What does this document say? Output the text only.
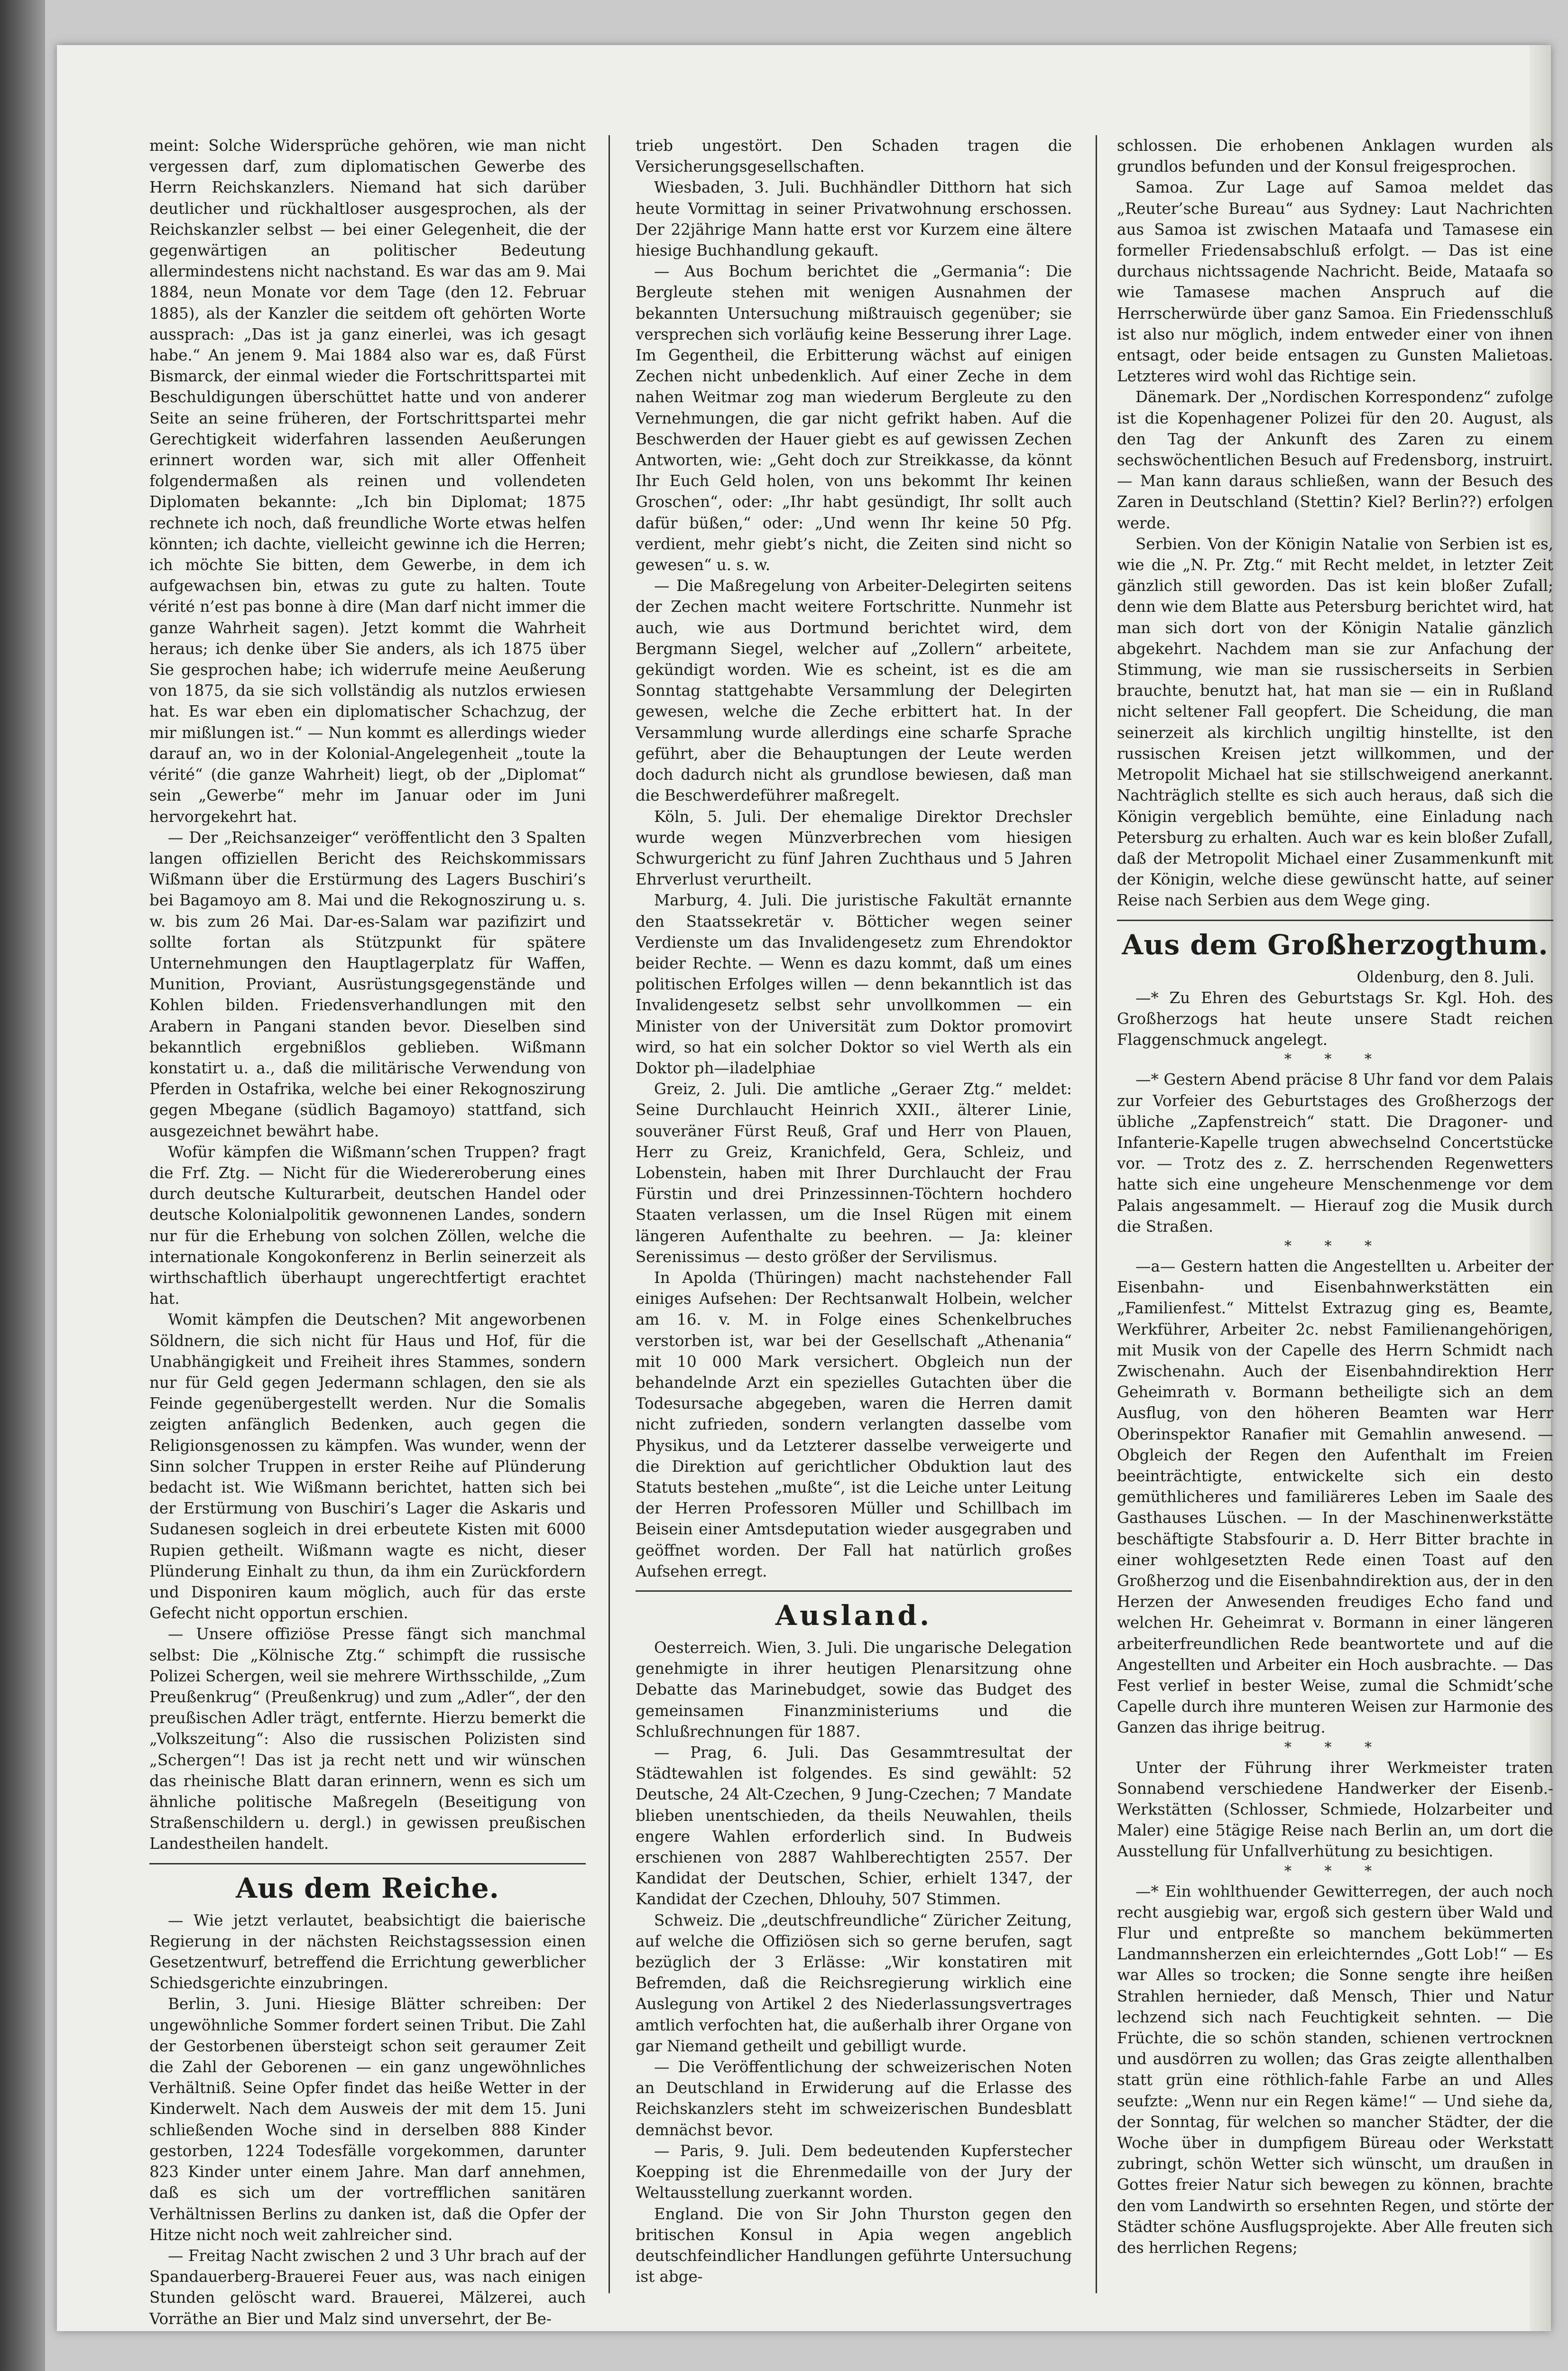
meint: Solche Widersprüche gehören, wie man nicht vergessen darf, zum diplomatischen Gewerbe des Herrn Reichskanzlers. Niemand hat sich darüber deutlicher und rückhaltloser ausgesprochen, als der Reichskanzler selbst — bei einer Gelegenheit, die der gegenwärtigen an politischer Bedeutung allermindestens nicht nachstand. Es war das am 9. Mai 1884, neun Monate vor dem Tage (den 12. Februar 1885), als der Kanzler die seitdem oft gehörten Worte aussprach: „Das ist ja ganz einerlei, was ich gesagt habe.“ An jenem 9. Mai 1884 also war es, daß Fürst Bismarck, der einmal wieder die Fortschrittspartei mit Beschuldigungen überschüttet hatte und von anderer Seite an seine früheren, der Fortschrittspartei mehr Gerechtigkeit widerfahren lassenden Aeußerungen erinnert worden war, sich mit aller Offenheit folgendermaßen als reinen und vollendeten Diplomaten bekannte: „Ich bin Diplomat; 1875 rechnete ich noch, daß freundliche Worte etwas helfen könnten; ich dachte, vielleicht gewinne ich die Herren; ich möchte Sie bitten, dem Gewerbe, in dem ich aufgewachsen bin, etwas zu gute zu halten. Toute vérité n’est pas bonne à dire (Man darf nicht immer die ganze Wahrheit sagen). Jetzt kommt die Wahrheit heraus; ich denke über Sie anders, als ich 1875 über Sie gesprochen habe; ich widerrufe meine Aeußerung von 1875, da sie sich vollständig als nutzlos erwiesen hat. Es war eben ein diplomatischer Schachzug, der mir mißlungen ist.“ — Nun kommt es allerdings wieder darauf an, wo in der Kolonial-Angelegenheit „toute la vérité“ (die ganze Wahrheit) liegt, ob der „Diplomat“ sein „Gewerbe“ mehr im Januar oder im Juni hervorgekehrt hat.

— Der „Reichsanzeiger“ veröffentlicht den 3 Spalten langen offiziellen Bericht des Reichskommissars Wißmann über die Erstürmung des Lagers Buschiri’s bei Bagamoyo am 8. Mai und die Rekognoszirung u. s. w. bis zum 26 Mai. Dar-es-Salam war pazifizirt und sollte fortan als Stützpunkt für spätere Unternehmungen den Hauptlagerplatz für Waffen, Munition, Proviant, Ausrüstungsgegenstände und Kohlen bilden. Friedensverhandlungen mit den Arabern in Pangani standen bevor. Dieselben sind bekanntlich ergebnißlos geblieben. Wißmann konstatirt u. a., daß die militärische Verwendung von Pferden in Ostafrika, welche bei einer Rekognoszirung gegen Mbegane (südlich Bagamoyo) stattfand, sich ausgezeichnet bewährt habe.

Wofür kämpfen die Wißmann’schen Truppen? fragt die Frf. Ztg. — Nicht für die Wiedereroberung eines durch deutsche Kulturarbeit, deutschen Handel oder deutsche Kolonialpolitik gewonnenen Landes, sondern nur für die Erhebung von solchen Zöllen, welche die internationale Kongokonferenz in Berlin seinerzeit als wirthschaftlich überhaupt ungerechtfertigt erachtet hat.

Womit kämpfen die Deutschen? Mit angeworbenen Söldnern, die sich nicht für Haus und Hof, für die Unabhängigkeit und Freiheit ihres Stammes, sondern nur für Geld gegen Jedermann schlagen, den sie als Feinde gegenübergestellt werden. Nur die Somalis zeigten anfänglich Bedenken, auch gegen die Religionsgenossen zu kämpfen. Was wunder, wenn der Sinn solcher Truppen in erster Reihe auf Plünderung bedacht ist. Wie Wißmann berichtet, hatten sich bei der Erstürmung von Buschiri’s Lager die Askaris und Sudanesen sogleich in drei erbeutete Kisten mit 6000 Rupien getheilt. Wißmann wagte es nicht, dieser Plünderung Einhalt zu thun, da ihm ein Zurückfordern und Disponiren kaum möglich, auch für das erste Gefecht nicht opportun erschien.

— Unsere offiziöse Presse fängt sich manchmal selbst: Die „Kölnische Ztg.“ schimpft die russische Polizei Schergen, weil sie mehrere Wirthsschilde, „Zum Preußenkrug“ (Preußenkrug) und zum „Adler“, der den preußischen Adler trägt, entfernte. Hierzu bemerkt die „Volkszeitung“: Also die russischen Polizisten sind „Schergen“! Das ist ja recht nett und wir wünschen das rheinische Blatt daran erinnern, wenn es sich um ähnliche politische Maßregeln (Beseitigung von Straßenschildern u. dergl.) in gewissen preußischen Landestheilen handelt.

Aus dem Reiche.

— Wie jetzt verlautet, beabsichtigt die baierische Regierung in der nächsten Reichstagssession einen Gesetzentwurf, betreffend die Errichtung gewerblicher Schiedsgerichte einzubringen.

Berlin, 3. Juni. Hiesige Blätter schreiben: Der ungewöhnliche Sommer fordert seinen Tribut. Die Zahl der Gestorbenen übersteigt schon seit geraumer Zeit die Zahl der Geborenen — ein ganz ungewöhnliches Verhältniß. Seine Opfer findet das heiße Wetter in der Kinderwelt. Nach dem Ausweis der mit dem 15. Juni schließenden Woche sind in derselben 888 Kinder gestorben, 1224 Todesfälle vorgekommen, darunter 823 Kinder unter einem Jahre. Man darf annehmen, daß es sich um der vortrefflichen sanitären Verhältnissen Berlins zu danken ist, daß die Opfer der Hitze nicht noch weit zahlreicher sind.

— Freitag Nacht zwischen 2 und 3 Uhr brach auf der Spandauerberg-Brauerei Feuer aus, was nach einigen Stunden gelöscht ward. Brauerei, Mälzerei, auch Vorräthe an Bier und Malz sind unversehrt, der Be-

trieb ungestört. Den Schaden tragen die Versicherungsgesellschaften.

Wiesbaden, 3. Juli. Buchhändler Ditthorn hat sich heute Vormittag in seiner Privatwohnung erschossen. Der 22jährige Mann hatte erst vor Kurzem eine ältere hiesige Buchhandlung gekauft.

— Aus Bochum berichtet die „Germania“: Die Bergleute stehen mit wenigen Ausnahmen der bekannten Untersuchung mißtrauisch gegenüber; sie versprechen sich vorläufig keine Besserung ihrer Lage. Im Gegentheil, die Erbitterung wächst auf einigen Zechen nicht unbedenklich. Auf einer Zeche in dem nahen Weitmar zog man wiederum Bergleute zu den Vernehmungen, die gar nicht gefrikt haben. Auf die Beschwerden der Hauer giebt es auf gewissen Zechen Antworten, wie: „Geht doch zur Streikkasse, da könnt Ihr Euch Geld holen, von uns bekommt Ihr keinen Groschen“, oder: „Ihr habt gesündigt, Ihr sollt auch dafür büßen,“ oder: „Und wenn Ihr keine 50 Pfg. verdient, mehr giebt’s nicht, die Zeiten sind nicht so gewesen“ u. s. w.

— Die Maßregelung von Arbeiter-Delegirten seitens der Zechen macht weitere Fortschritte. Nunmehr ist auch, wie aus Dortmund berichtet wird, dem Bergmann Siegel, welcher auf „Zollern“ arbeitete, gekündigt worden. Wie es scheint, ist es die am Sonntag stattgehabte Versammlung der Delegirten gewesen, welche die Zeche erbittert hat. In der Versammlung wurde allerdings eine scharfe Sprache geführt, aber die Behauptungen der Leute werden doch dadurch nicht als grundlose bewiesen, daß man die Beschwerdeführer maßregelt.

Köln, 5. Juli. Der ehemalige Direktor Drechsler wurde wegen Münzverbrechen vom hiesigen Schwurgericht zu fünf Jahren Zuchthaus und 5 Jahren Ehrverlust verurtheilt.

Marburg, 4. Juli. Die juristische Fakultät ernannte den Staatssekretär v. Bötticher wegen seiner Verdienste um das Invalidengesetz zum Ehrendoktor beider Rechte. — Wenn es dazu kommt, daß um eines politischen Erfolges willen — denn bekanntlich ist das Invalidengesetz selbst sehr unvollkommen — ein Minister von der Universität zum Doktor promovirt wird, so hat ein solcher Doktor so viel Werth als ein Doktor ph—iladelphiae

Greiz, 2. Juli. Die amtliche „Geraer Ztg.“ meldet: Seine Durchlaucht Heinrich XXII., älterer Linie, souveräner Fürst Reuß, Graf und Herr von Plauen, Herr zu Greiz, Kranichfeld, Gera, Schleiz, und Lobenstein, haben mit Ihrer Durchlaucht der Frau Fürstin und drei Prinzessinnen-Töchtern hochdero Staaten verlassen, um die Insel Rügen mit einem längeren Aufenthalte zu beehren. — Ja: kleiner Serenissimus — desto größer der Servilismus.

In Apolda (Thüringen) macht nachstehender Fall einiges Aufsehen: Der Rechtsanwalt Holbein, welcher am 16. v. M. in Folge eines Schenkelbruches verstorben ist, war bei der Gesellschaft „Athenania“ mit 10 000 Mark versichert. Obgleich nun der behandelnde Arzt ein spezielles Gutachten über die Todesursache abgegeben, waren die Herren damit nicht zufrieden, sondern verlangten dasselbe vom Physikus, und da Letzterer dasselbe verweigerte und die Direktion auf gerichtlicher Obduktion laut des Statuts bestehen „mußte“, ist die Leiche unter Leitung der Herren Professoren Müller und Schillbach im Beisein einer Amtsdeputation wieder ausgegraben und geöffnet worden. Der Fall hat natürlich großes Aufsehen erregt.

Ausland.

Oesterreich. Wien, 3. Juli. Die ungarische Delegation genehmigte in ihrer heutigen Plenarsitzung ohne Debatte das Marinebudget, sowie das Budget des gemeinsamen Finanzministeriums und die Schlußrechnungen für 1887.

— Prag, 6. Juli. Das Gesammtresultat der Städtewahlen ist folgendes. Es sind gewählt: 52 Deutsche, 24 Alt-Czechen, 9 Jung-Czechen; 7 Mandate blieben unentschieden, da theils Neuwahlen, theils engere Wahlen erforderlich sind. In Budweis erschienen von 2887 Wahlberechtigten 2557. Der Kandidat der Deutschen, Schier, erhielt 1347, der Kandidat der Czechen, Dhlouhy, 507 Stimmen.

Schweiz. Die „deutschfreundliche“ Züricher Zeitung, auf welche die Offiziösen sich so gerne berufen, sagt bezüglich der 3 Erlässe: „Wir konstatiren mit Befremden, daß die Reichsregierung wirklich eine Auslegung von Artikel 2 des Niederlassungsvertrages amtlich verfochten hat, die außerhalb ihrer Organe von gar Niemand getheilt und gebilligt wurde.

— Die Veröffentlichung der schweizerischen Noten an Deutschland in Erwiderung auf die Erlasse des Reichskanzlers steht im schweizerischen Bundesblatt demnächst bevor.

— Paris, 9. Juli. Dem bedeutenden Kupferstecher Koepping ist die Ehrenmedaille von der Jury der Weltausstellung zuerkannt worden.

England. Die von Sir John Thurston gegen den britischen Konsul in Apia wegen angeblich deutschfeindlicher Handlungen geführte Untersuchung ist abge-

schlossen. Die erhobenen Anklagen wurden als grundlos befunden und der Konsul freigesprochen.

Samoa. Zur Lage auf Samoa meldet das „Reuter’sche Bureau“ aus Sydney: Laut Nachrichten aus Samoa ist zwischen Mataafa und Tamasese ein formeller Friedensabschluß erfolgt. — Das ist eine durchaus nichtssagende Nachricht. Beide, Mataafa so wie Tamasese machen Anspruch auf die Herrscherwürde über ganz Samoa. Ein Friedensschluß ist also nur möglich, indem entweder einer von ihnen entsagt, oder beide entsagen zu Gunsten Malietoas. Letzteres wird wohl das Richtige sein.

Dänemark. Der „Nordischen Korrespondenz“ zufolge ist die Kopenhagener Polizei für den 20. August, als den Tag der Ankunft des Zaren zu einem sechswöchentlichen Besuch auf Fredensborg, instruirt. — Man kann daraus schließen, wann der Besuch des Zaren in Deutschland (Stettin? Kiel? Berlin??) erfolgen werde.

Serbien. Von der Königin Natalie von Serbien ist es, wie die „N. Pr. Ztg.“ mit Recht meldet, in letzter Zeit gänzlich still geworden. Das ist kein bloßer Zufall; denn wie dem Blatte aus Petersburg berichtet wird, hat man sich dort von der Königin Natalie gänzlich abgekehrt. Nachdem man sie zur Anfachung der Stimmung, wie man sie russischerseits in Serbien brauchte, benutzt hat, hat man sie — ein in Rußland nicht seltener Fall geopfert. Die Scheidung, die man seinerzeit als kirchlich ungiltig hinstellte, ist den russischen Kreisen jetzt willkommen, und der Metropolit Michael hat sie stillschweigend anerkannt. Nachträglich stellte es sich auch heraus, daß sich die Königin vergeblich bemühte, eine Einladung nach Petersburg zu erhalten. Auch war es kein bloßer Zufall, daß der Metropolit Michael einer Zusammenkunft mit der Königin, welche diese gewünscht hatte, auf seiner Reise nach Serbien aus dem Wege ging.

Aus dem Großherzogthum.
Oldenburg, den 8. Juli.

—* Zu Ehren des Geburtstags Sr. Kgl. Hoh. des Großherzogs hat heute unsere Stadt reichen Flaggenschmuck angelegt.

* * *

—* Gestern Abend präcise 8 Uhr fand vor dem Palais zur Vorfeier des Geburtstages des Großherzogs der übliche „Zapfenstreich“ statt. Die Dragoner- und Infanterie-Kapelle trugen abwechselnd Concertstücke vor. — Trotz des z. Z. herrschenden Regenwetters hatte sich eine ungeheure Menschenmenge vor dem Palais angesammelt. — Hierauf zog die Musik durch die Straßen.

* * *

—a— Gestern hatten die Angestellten u. Arbeiter der Eisenbahn- und Eisenbahnwerkstätten ein „Familienfest.“ Mittelst Extrazug ging es, Beamte, Werkführer, Arbeiter 2c. nebst Familienangehörigen, mit Musik von der Capelle des Herrn Schmidt nach Zwischenahn. Auch der Eisenbahndirektion Herr Geheimrath v. Bormann betheiligte sich an dem Ausflug, von den höheren Beamten war Herr Oberinspektor Ranafier mit Gemahlin anwesend. — Obgleich der Regen den Aufenthalt im Freien beeinträchtigte, entwickelte sich ein desto gemüthlicheres und familiäreres Leben im Saale des Gasthauses Lüschen. — In der Maschinenwerkstätte beschäftigte Stabsfourir a. D. Herr Bitter brachte in einer wohlgesetzten Rede einen Toast auf den Großherzog und die Eisenbahndirektion aus, der in den Herzen der Anwesenden freudiges Echo fand und welchen Hr. Geheimrat v. Bormann in einer längeren arbeiterfreundlichen Rede beantwortete und auf die Angestellten und Arbeiter ein Hoch ausbrachte. — Das Fest verlief in bester Weise, zumal die Schmidt’sche Capelle durch ihre munteren Weisen zur Harmonie des Ganzen das ihrige beitrug.

* * *

Unter der Führung ihrer Werkmeister traten Sonnabend verschiedene Handwerker der Eisenb.-Werkstätten (Schlosser, Schmiede, Holzarbeiter und Maler) eine 5tägige Reise nach Berlin an, um dort die Ausstellung für Unfallverhütung zu besichtigen.

* * *

—* Ein wohlthuender Gewitterregen, der auch noch recht ausgiebig war, ergoß sich gestern über Wald und Flur und entpreßte so manchem bekümmerten Landmannsherzen ein erleichterndes „Gott Lob!“ — Es war Alles so trocken; die Sonne sengte ihre heißen Strahlen hernieder, daß Mensch, Thier und Natur lechzend sich nach Feuchtigkeit sehnten. — Die Früchte, die so schön standen, schienen vertrocknen und ausdörren zu wollen; das Gras zeigte allenthalben statt grün eine röthlich-fahle Farbe an und Alles seufzte: „Wenn nur ein Regen käme!“ — Und siehe da, der Sonntag, für welchen so mancher Städter, der die Woche über in dumpfigem Büreau oder Werkstatt zubringt, schön Wetter sich wünscht, um draußen in Gottes freier Natur sich bewegen zu können, brachte den vom Landwirth so ersehnten Regen, und störte der Städter schöne Ausflugsprojekte. Aber Alle freuten sich des herrlichen Regens;
